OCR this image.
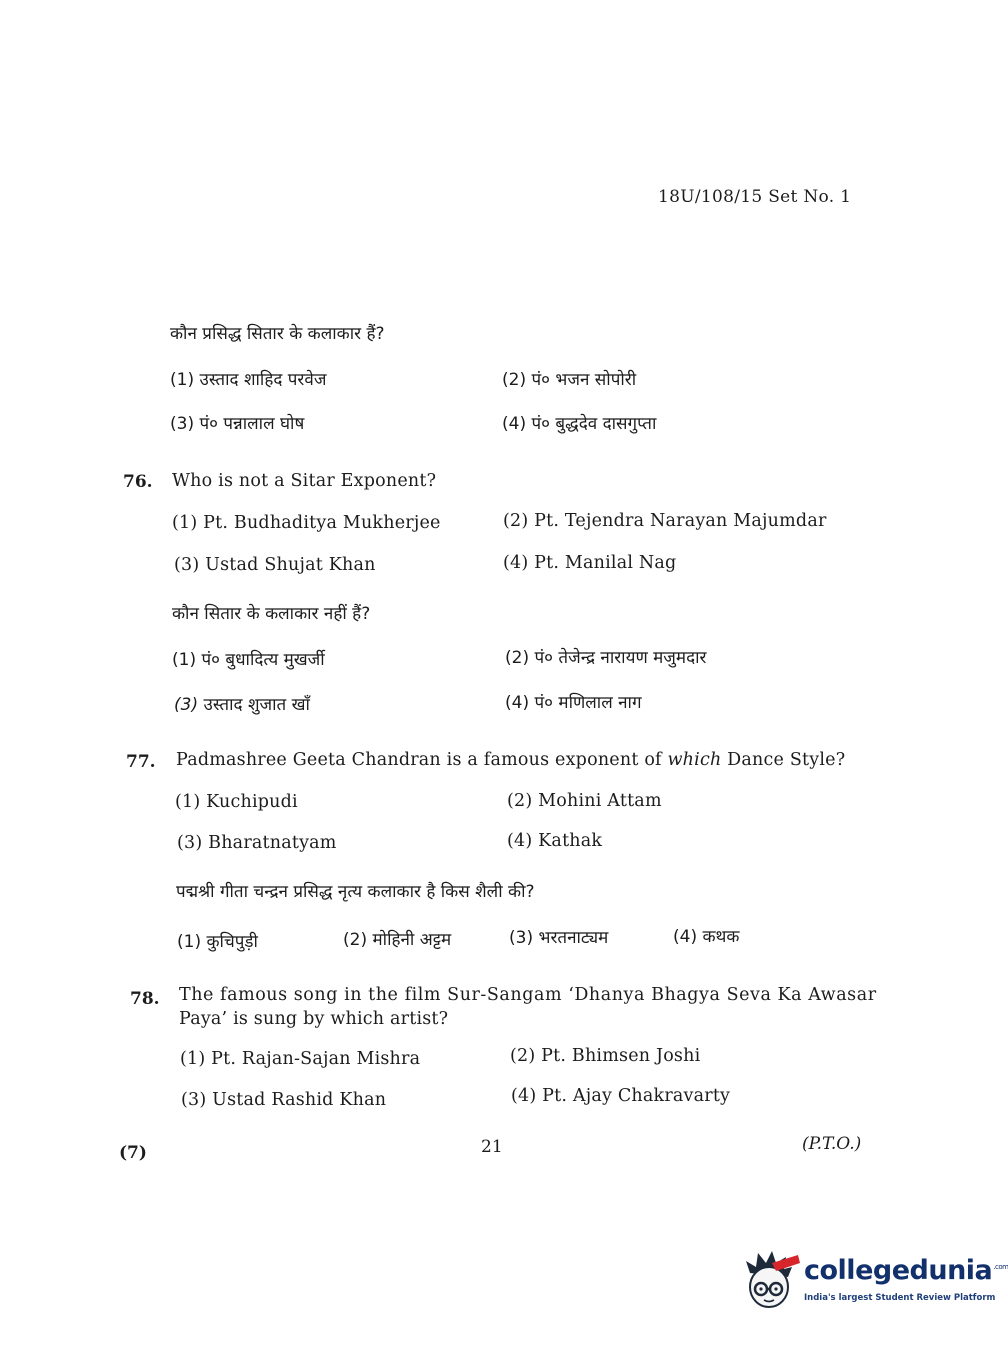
18U/108/15 Set No. 1
कौन प्रसिद्ध सितार के कलाकार हैं?
(1) उस्ताद शाहिद परवेज	(2) पं० भजन सोपोरी
(3) पं० पन्नालाल घोष	(4) पं० बुद्धदेव दासगुप्ता
76. Who is not a Sitar Exponent?
(1) Pt. Budhaditya Mukherjee	(2) Pt. Tejendra Narayan Majumdar
(3) Ustad Shujat Khan	(4) Pt. Manilal Nag
कौन सितार के कलाकार नहीं हैं?
(1) पं० बुधादित्य मुखर्जी	(2) पं० तेजेन्द्र नारायण मजुमदार
(3) उस्ताद शुजात खाँ	(4) पं० मणिलाल नाग
77. Padmashree Geeta Chandran is a famous exponent of which Dance Style?
(1) Kuchipudi	(2) Mohini Attam
(3) Bharatnatyam	(4) Kathak
पद्मश्री गीता चन्द्रन प्रसिद्ध नृत्य कलाकार है किस शैली की?
(1) कुचिपुड़ी	(2) मोहिनी अट्टम	(3) भरतनाट्यम	(4) कथक
78. The famous song in the film Sur-Sangam ‘Dhanya Bhagya Seva Ka Awasar
Paya’ is sung by which artist?
(1) Pt. Rajan-Sajan Mishra	(2) Pt. Bhimsen Joshi
(3) Ustad Rashid Khan	(4) Pt. Ajay Chakravarty
(7)	21	(P.T.O.)
collegedunia$^{.com}$
India's largest Student Review Platform
